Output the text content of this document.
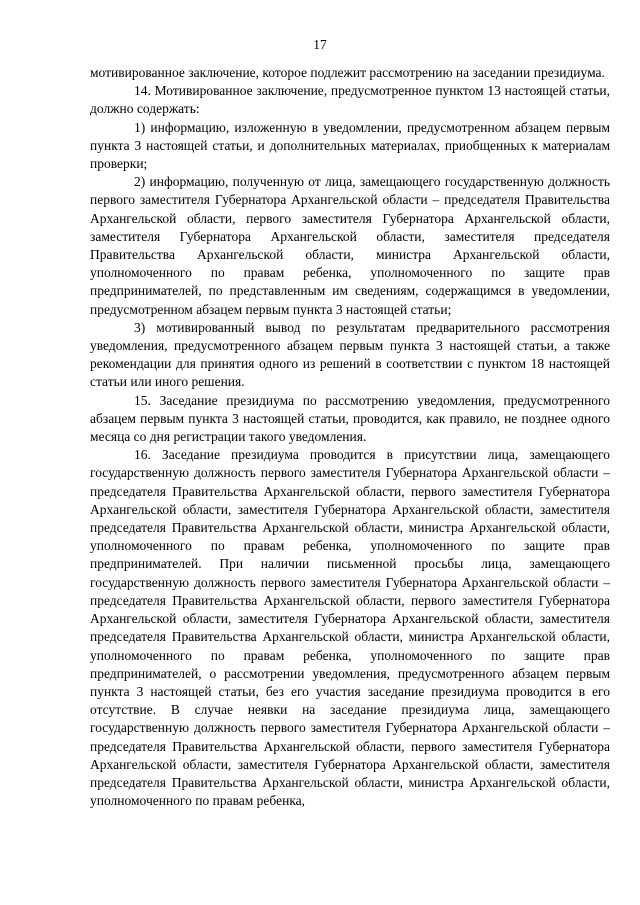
17

мотивированное заключение, которое подлежит рассмотрению на заседании президиума.

14. Мотивированное заключение, предусмотренное пунктом 13 настоящей статьи, должно содержать:

1) информацию, изложенную в уведомлении, предусмотренном абзацем первым пункта 3 настоящей статьи, и дополнительных материалах, приобщенных к материалам проверки;

2) информацию, полученную от лица, замещающего государственную должность первого заместителя Губернатора Архангельской области – председателя Правительства Архангельской области, первого заместителя Губернатора Архангельской области, заместителя Губернатора Архангельской области, заместителя председателя Правительства Архангельской области, министра Архангельской области, уполномоченного по правам ребенка, уполномоченного по защите прав предпринимателей, по представленным им сведениям, содержащимся в уведомлении, предусмотренном абзацем первым пункта 3 настоящей статьи;

3) мотивированный вывод по результатам предварительного рассмотрения уведомления, предусмотренного абзацем первым пункта 3 настоящей статьи, а также рекомендации для принятия одного из решений в соответствии с пунктом 18 настоящей статьи или иного решения.

15. Заседание президиума по рассмотрению уведомления, предусмотренного абзацем первым пункта 3 настоящей статьи, проводится, как правило, не позднее одного месяца со дня регистрации такого уведомления.

16. Заседание президиума проводится в присутствии лица, замещающего государственную должность первого заместителя Губернатора Архангельской области – председателя Правительства Архангельской области, первого заместителя Губернатора Архангельской области, заместителя Губернатора Архангельской области, заместителя председателя Правительства Архангельской области, министра Архангельской области, уполномоченного по правам ребенка, уполномоченного по защите прав предпринимателей. При наличии письменной просьбы лица, замещающего государственную должность первого заместителя Губернатора Архангельской области – председателя Правительства Архангельской области, первого заместителя Губернатора Архангельской области, заместителя Губернатора Архангельской области, заместителя председателя Правительства Архангельской области, министра Архангельской области, уполномоченного по правам ребенка, уполномоченного по защите прав предпринимателей, о рассмотрении уведомления, предусмотренного абзацем первым пункта 3 настоящей статьи, без его участия заседание президиума проводится в его отсутствие. В случае неявки на заседание президиума лица, замещающего государственную должность первого заместителя Губернатора Архангельской области – председателя Правительства Архангельской области, первого заместителя Губернатора Архангельской области, заместителя Губернатора Архангельской области, заместителя председателя Правительства Архангельской области, министра Архангельской области, уполномоченного по правам ребенка,
